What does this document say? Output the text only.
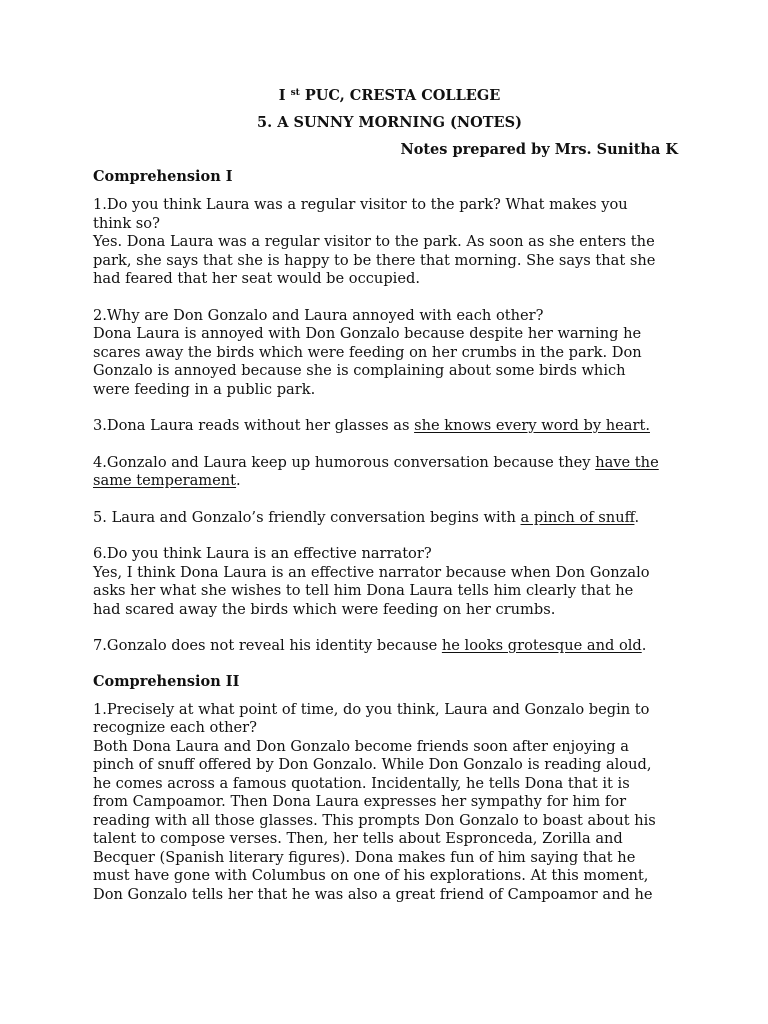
I $^{st}$ PUC, CRESTA COLLEGE

5. A SUNNY MORNING (NOTES)

Notes prepared by Mrs. Sunitha K

Comprehension I

1.Do you think Laura was a regular visitor to the park? What makes you
think so?
Yes. Dona Laura was a regular visitor to the park. As soon as she enters the
park, she says that she is happy to be there that morning. She says that she
had feared that her seat would be occupied.

2.Why are Don Gonzalo and Laura annoyed with each other?
Dona Laura is annoyed with Don Gonzalo because despite her warning he
scares away the birds which were feeding on her crumbs in the park. Don
Gonzalo is annoyed because she is complaining about some birds which
were feeding in a public park.

3.Dona Laura reads without her glasses as she knows every word by heart.

4.Gonzalo and Laura keep up humorous conversation because they have the
same temperament.

5. Laura and Gonzalo’s friendly conversation begins with a pinch of snuff.

6.Do you think Laura is an effective narrator?
Yes, I think Dona Laura is an effective narrator because when Don Gonzalo
asks her what she wishes to tell him Dona Laura tells him clearly that he
had scared away the birds which were feeding on her crumbs.

7.Gonzalo does not reveal his identity because he looks grotesque and old.

Comprehension II

1.Precisely at what point of time, do you think, Laura and Gonzalo begin to
recognize each other?
Both Dona Laura and Don Gonzalo become friends soon after enjoying a
pinch of snuff offered by Don Gonzalo. While Don Gonzalo is reading aloud,
he comes across a famous quotation. Incidentally, he tells Dona that it is
from Campoamor. Then Dona Laura expresses her sympathy for him for
reading with all those glasses. This prompts Don Gonzalo to boast about his
talent to compose verses. Then, her tells about Espronceda, Zorilla and
Becquer (Spanish literary figures). Dona makes fun of him saying that he
must have gone with Columbus on one of his explorations. At this moment,
Don Gonzalo tells her that he was also a great friend of Campoamor and he
